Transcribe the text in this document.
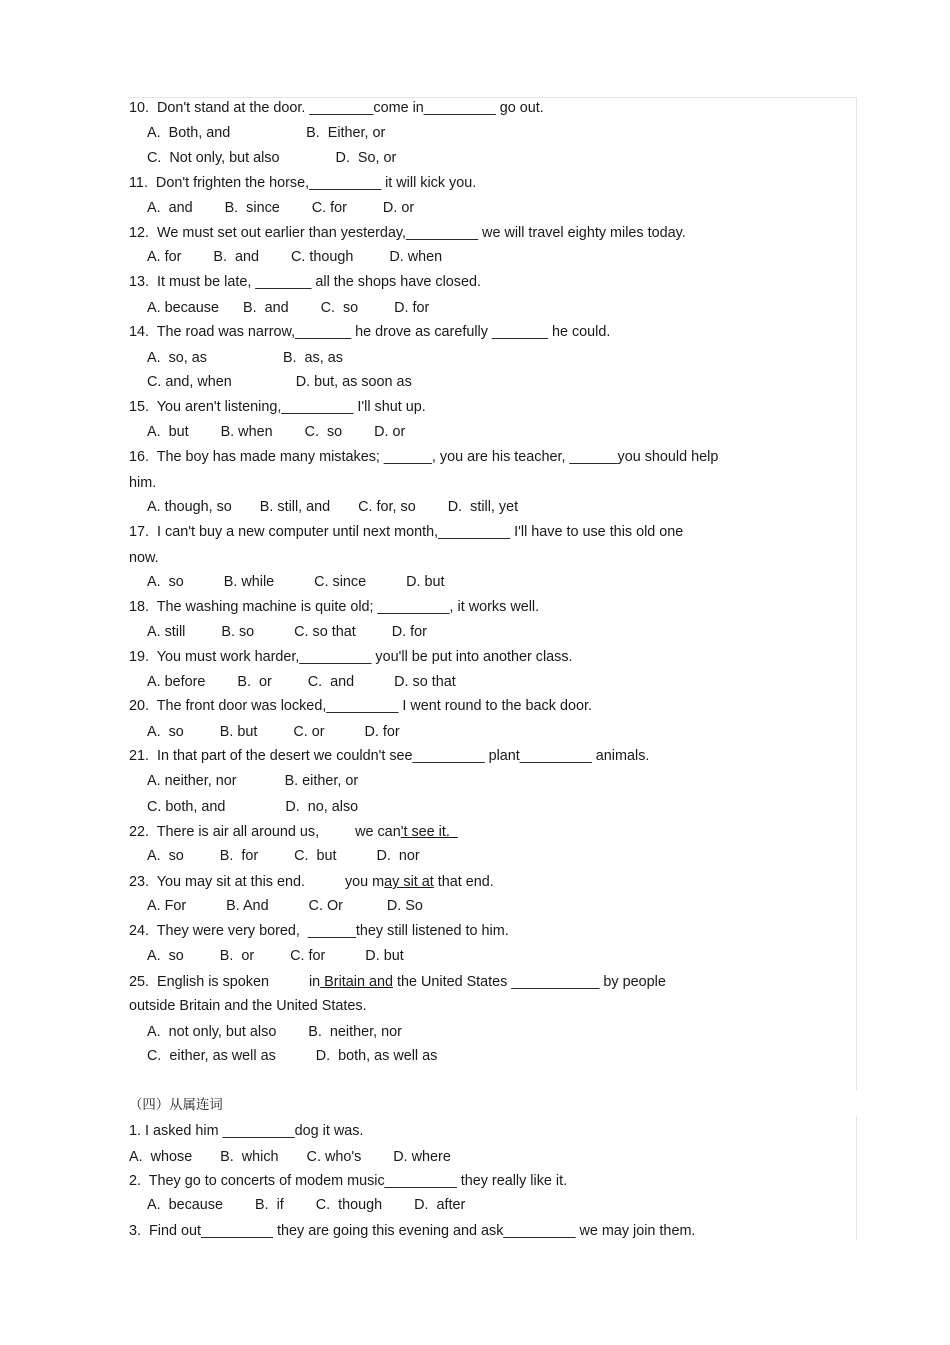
10.  Don't stand at the door. ________come in_________ go out.
A.  Both, and                   B.  Either, or
C.  Not only, but also              D.  So, or
11.  Don't frighten the horse,_________ it will kick you.
A.  and        B.  since        C. for         D. or
12.  We must set out earlier than yesterday,_________ we will travel eighty miles today.
A. for        B.  and        C. though         D. when
13.  It must be late, _______ all the shops have closed.
A. because      B.  and        C.  so         D. for
14.  The road was narrow,_______ he drove as carefully _______ he could.
A.  so, as                   B.  as, as
C. and, when                D. but, as soon as
15.  You aren't listening,_________ I'll shut up.
A.  but        B. when        C.  so        D. or
16.  The boy has made many mistakes; ______, you are his teacher, ______you should help
him.
A. though, so       B. still, and       C. for, so        D.  still, yet
17.  I can't buy a new computer until next month,_________ I'll have to use this old one
now.
A.  so          B. while          C. since          D. but
18.  The washing machine is quite old; _________, it works well.
A. still         B. so          C. so that         D. for
19.  You must work harder,_________ you'll be put into another class.
A. before        B.  or         C.  and          D. so that
20.  The front door was locked,_________ I went round to the back door.
A.  so         B. but         C. or          D. for
21.  In that part of the desert we couldn't see_________ plant_________ animals.
A. neither, nor            B. either, or
C. both, and               D.  no, also
22.  There is air all around us,         we can't see it.
A.  so         B.  for         C.  but          D.  nor
23.  You may sit at this end.          you may sit at that end.
A. For          B. And          C. Or           D. So
24.  They were very bored,  ______they still listened to him.
A.  so         B.  or         C. for          D. but
25.  English is spoken          in Britain and the United States ___________ by people
outside Britain and the United States.
A.  not only, but also        B.  neither, nor
C.  either, as well as          D.  both, as well as
（四）从属连词
1. I asked him _________dog it was.
A.  whose       B.  which       C. who's        D. where
2.  They go to concerts of modem music_________ they really like it.
A.  because        B.  if        C.  though        D.  after
3.  Find out_________ they are going this evening and ask_________ we may join them.
